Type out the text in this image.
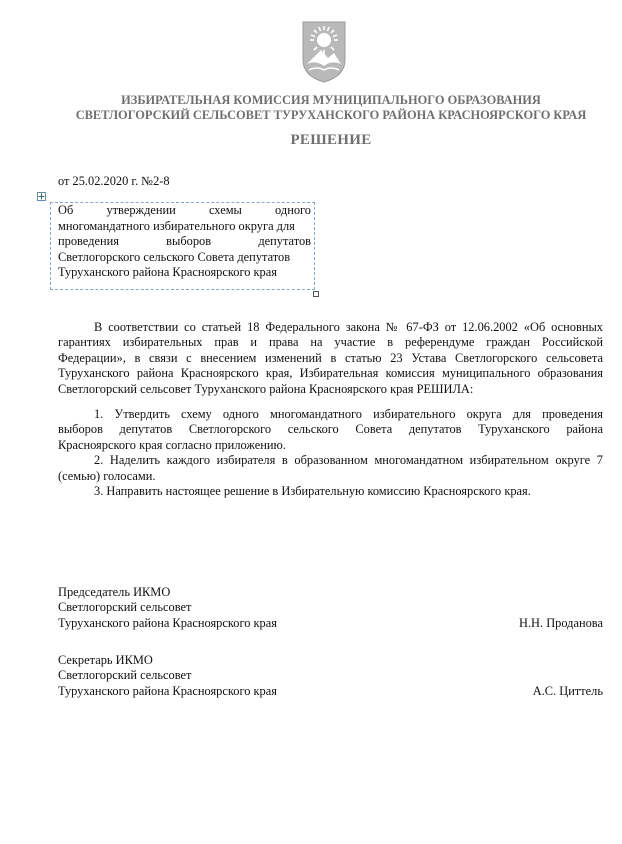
ИЗБИРАТЕЛЬНАЯ КОМИССИЯ МУНИЦИПАЛЬНОГО ОБРАЗОВАНИЯ
СВЕТЛОГОРСКИЙ СЕЛЬСОВЕТ ТУРУХАНСКОГО РАЙОНА КРАСНОЯРСКОГО КРАЯ
РЕШЕНИЕ
от 25.02.2020 г. №2-8
Об утверждении схемы одного
многомандатного избирательного округа для
проведения выборов депутатов
Светлогорского сельского Совета депутатов
Туруханского района Красноярского края
В соответствии со статьей 18 Федерального закона № 67-ФЗ от 12.06.2002 «Об основных
гарантиях избирательных прав и права на участие в референдуме граждан Российской
Федерации», в связи с внесением изменений в статью 23 Устава Светлогорского сельсовета
Туруханского района Красноярского края, Избирательная комиссия муниципального образования
Светлогорский сельсовет Туруханского района Красноярского края РЕШИЛА:
1. Утвердить схему одного многомандатного избирательного округа для проведения
выборов депутатов Светлогорского сельского Совета депутатов Туруханского района
Красноярского края согласно приложению.
2. Наделить каждого избирателя в образованном многомандатном избирательном округе 7
(семью) голосами.
3. Направить настоящее решение в Избирательную комиссию Красноярского края.
Председатель ИКМО
Светлогорский сельсовет
Туруханского района Красноярского края	Н.Н. Проданова
Секретарь ИКМО
Светлогорский сельсовет
Туруханского района Красноярского края	А.С. Циттель
